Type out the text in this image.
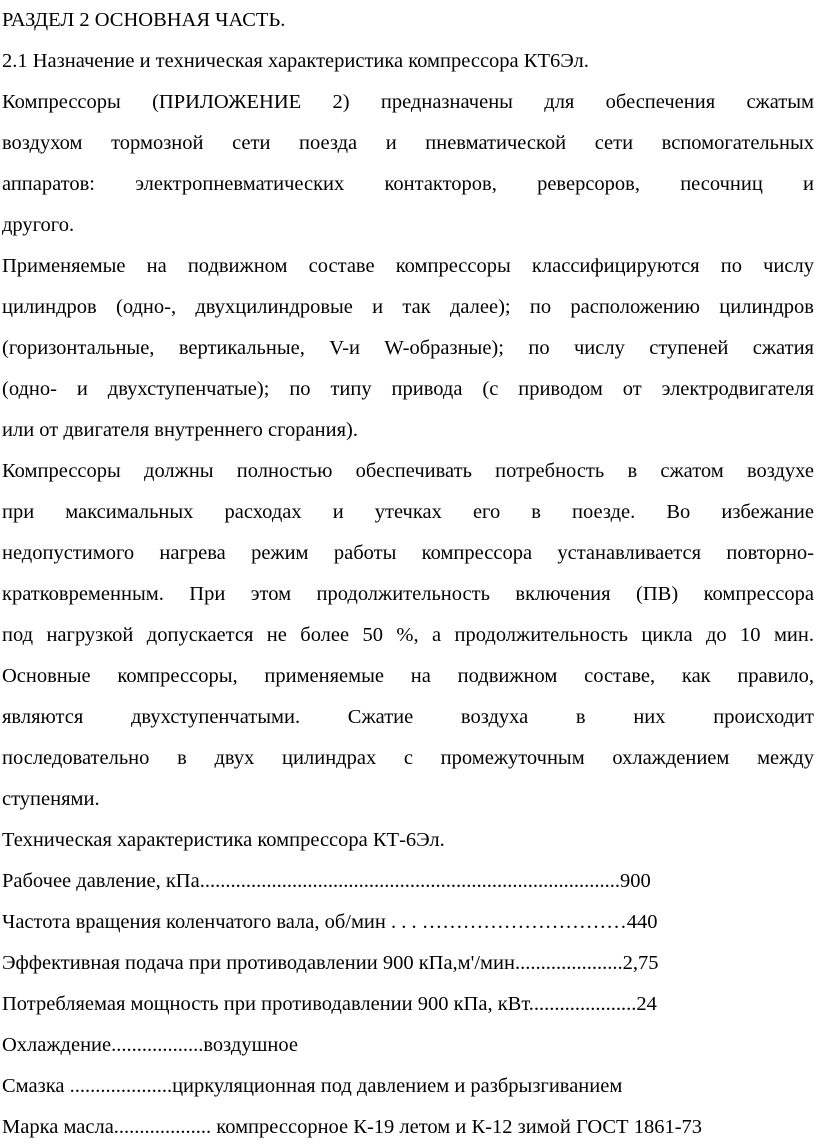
РАЗДЕЛ 2 ОСНОВНАЯ ЧАСТЬ.
2.1 Назначение и техническая характеристика компрессора КТ6Эл.
Компрессоры (ПРИЛОЖЕНИЕ 2) предназначены для обеспечения сжатым
воздухом тормозной сети поезда и пневматической сети вспомогательных
аппаратов: электропневматических контакторов, реверсоров, песочниц и
другого.
Применяемые на подвижном составе компрессоры классифицируются по числу
цилиндров (одно-, двухцилиндровые и так далее); по расположению цилиндров
(горизонтальные, вертикальные, V-и W-образные); по числу ступеней сжатия
(одно- и двухступенчатые); по типу привода (с приводом от электродвигателя
или от двигателя внутреннего сгорания).
Компрессоры должны полностью обеспечивать потребность в сжатом воздухе
при максимальных расходах и утечках его в поезде. Во избежание
недопустимого нагрева режим работы компрессора устанавливается повторно-
кратковременным. При этом продолжительность включения (ПВ) компрессора
под нагрузкой допускается не более 50 %, а продолжительность цикла до 10 мин.
Основные компрессоры, применяемые на подвижном составе, как правило,
являются двухступенчатыми. Сжатие воздуха в них происходит
последовательно в двух цилиндрах с промежуточным охлаждением между
ступенями.
Техническая характеристика компрессора КТ-6Эл.
Рабочее давление, кПа..................................................................................900
Частота вращения коленчатого вала, об/мин . . . …………………………440
Эффективная подача при противодавлении 900 кПа,м'/мин.....................2,75
Потребляемая мощность при противодавлении 900 кПа, кВт.....................24
Охлаждение..................воздушное
Смазка ....................циркуляционная под давлением и разбрызгиванием
Марка масла................... компрессорное К-19 летом и К-12 зимой ГОСТ 1861-73
